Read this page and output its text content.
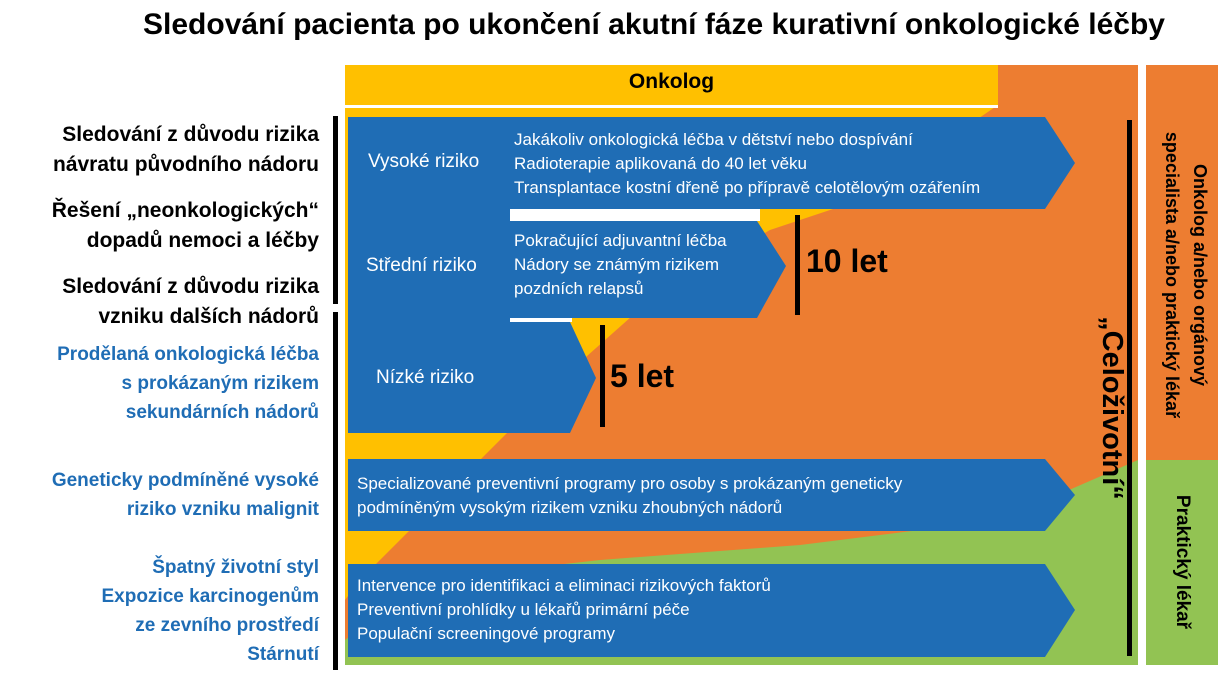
Sledování pacienta po ukončení akutní fáze kurativní onkologické léčby
Onkolog
Sledování z důvodu rizika
návratu původního nádoru
Řešení „neonkologických“
dopadů nemoci a léčby
Sledování z důvodu rizika
vzniku dalších nádorů
Prodělaná onkologická léčba
s prokázaným rizikem
sekundárních nádorů
Geneticky podmíněné vysoké
riziko vzniku malignit
Špatný životní styl
Expozice karcinogenům
ze zevního prostředí
Stárnutí
Vysoké riziko
Střední riziko
Nízké riziko
Jakákoliv onkologická léčba v dětství nebo dospívání
Radioterapie aplikovaná do 40 let věku
Transplantace kostní dřeně po přípravě celotělovým ozářením
Pokračující adjuvantní léčba
Nádory se známým rizikem
pozdních relapsů
Specializované preventivní programy pro osoby s prokázaným geneticky
podmíněným vysokým rizikem vzniku zhoubných nádorů
Intervence pro identifikaci a eliminaci rizikových faktorů
Preventivní prohlídky u lékařů primární péče
Populační screeningové programy
10 let
5 let	„Celoživotní“
Onkolog a/nebo orgánový
specialista a/nebo praktický lékař
Praktický lékař
